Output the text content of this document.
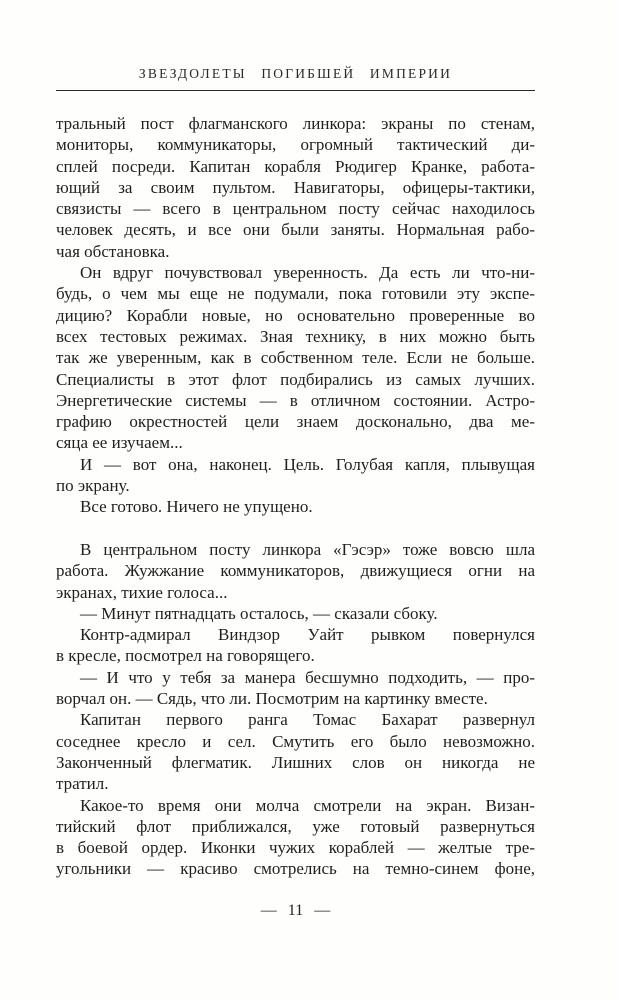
ЗВЕЗДОЛЕТЫ ПОГИБШЕЙ ИМПЕРИИ
тральный пост флагманского линкора: экраны по стенам,
мониторы, коммуникаторы, огромный тактический ди-
сплей посреди. Капитан корабля Рюдигер Кранке, работа-
ющий за своим пультом. Навигаторы, офицеры-тактики,
связисты — всего в центральном посту сейчас находилось
человек десять, и все они были заняты. Нормальная рабо-
чая обстановка.
Он вдруг почувствовал уверенность. Да есть ли что-ни-
будь, о чем мы еще не подумали, пока готовили эту экспе-
дицию? Корабли новые, но основательно проверенные во
всех тестовых режимах. Зная технику, в них можно быть
так же уверенным, как в собственном теле. Если не больше.
Специалисты в этот флот подбирались из самых лучших.
Энергетические системы — в отличном состоянии. Астро-
графию окрестностей цели знаем досконально, два ме-
сяца ее изучаем...
И — вот она, наконец. Цель. Голубая капля, плывущая
по экрану.
Все готово. Ничего не упущено.
В центральном посту линкора «Гэсэр» тоже вовсю шла
работа. Жужжание коммуникаторов, движущиеся огни на
экранах, тихие голоса...
— Минут пятнадцать осталось, — сказали сбоку.
Контр-адмирал Виндзор Уайт рывком повернулся
в кресле, посмотрел на говорящего.
— И что у тебя за манера бесшумно подходить, — про-
ворчал он. — Сядь, что ли. Посмотрим на картинку вместе.
Капитан первого ранга Томас Бахарат развернул
соседнее кресло и сел. Смутить его было невозможно.
Законченный флегматик. Лишних слов он никогда не
тратил.
Какое-то время они молча смотрели на экран. Визан-
тийский флот приближался, уже готовый развернуться
в боевой ордер. Иконки чужих кораблей — желтые тре-
угольники — красиво смотрелись на темно-синем фоне,
— 11 —
